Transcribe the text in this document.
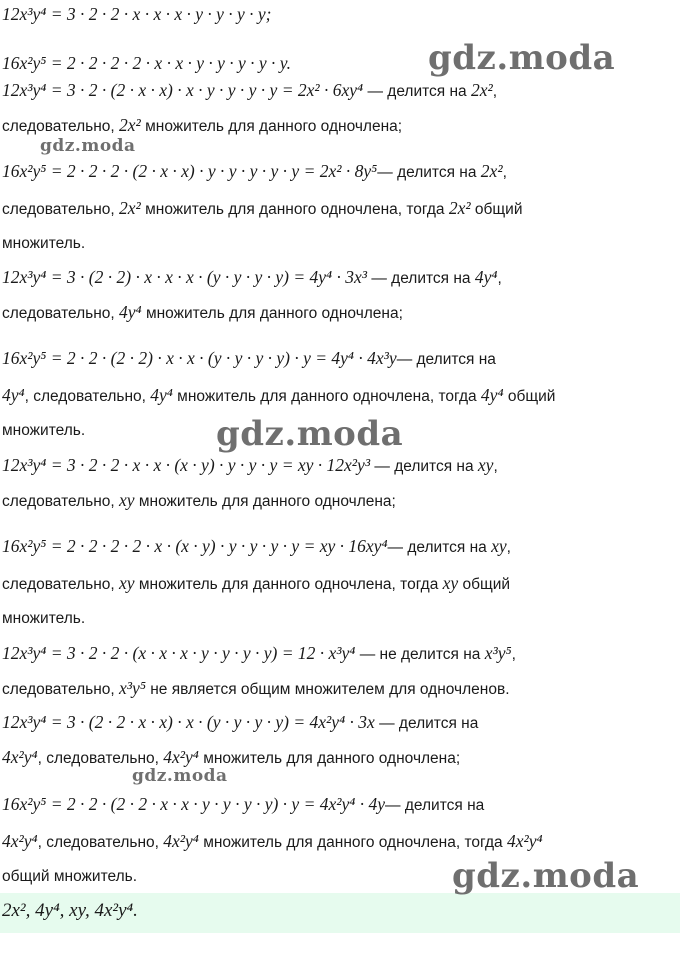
12x³y⁴ = 3 · 2 · 2 · x · x · x · y · y · y · y;
16x²y⁵ = 2 · 2 · 2 · 2 · x · x · y · y · y · y · y.
12x³y⁴ = 3 · 2 · (2 · x · x) · x · y · y · y · y = 2x² · 6xy⁴ — делится на 2x²,
следовательно, 2x² множитель для данного одночлена;
16x²y⁵ = 2 · 2 · 2 · (2 · x · x) · y · y · y · y · y = 2x² · 8y⁵— делится на 2x²,
следовательно, 2x² множитель для данного одночлена, тогда 2x² общий
множитель.
12x³y⁴ = 3 · (2 · 2) · x · x · x · (y · y · y · y) = 4y⁴ · 3x³ — делится на 4y⁴,
следовательно, 4y⁴ множитель для данного одночлена;
16x²y⁵ = 2 · 2 · (2 · 2) · x · x · (y · y · y · y) · y = 4y⁴ · 4x³y— делится на
4y⁴, следовательно, 4y⁴ множитель для данного одночлена, тогда 4y⁴ общий
множитель.
12x³y⁴ = 3 · 2 · 2 · x · x · (x · y) · y · y · y = xy · 12x²y³ — делится на xy,
следовательно, xy множитель для данного одночлена;
16x²y⁵ = 2 · 2 · 2 · 2 · x · (x · y) · y · y · y · y = xy · 16xy⁴— делится на xy,
следовательно, xy множитель для данного одночлена, тогда xy общий
множитель.
12x³y⁴ = 3 · 2 · 2 · (x · x · x · y · y · y · y) = 12 · x³y⁴ — не делится на x³y⁵,
следовательно, x³y⁵ не является общим множителем для одночленов.
12x³y⁴ = 3 · (2 · 2 · x · x) · x · (y · y · y · y) = 4x²y⁴ · 3x — делится на
4x²y⁴, следовательно, 4x²y⁴ множитель для данного одночлена;
16x²y⁵ = 2 · 2 · (2 · 2 · x · x · y · y · y · y) · y = 4x²y⁴ · 4y— делится на
4x²y⁴, следовательно, 4x²y⁴ множитель для данного одночлена, тогда 4x²y⁴
общий множитель.
2x², 4y⁴, xy, 4x²y⁴.
gdz.moda
gdz.moda
gdz.moda
gdz.moda
gdz.moda
